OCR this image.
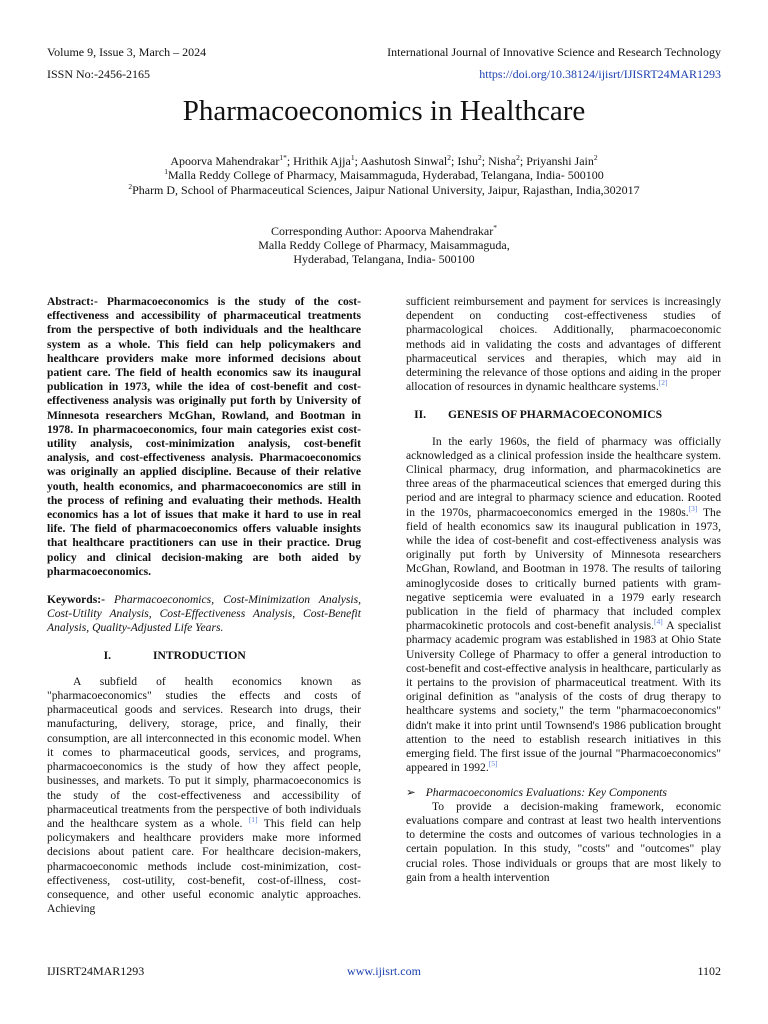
Volume 9, Issue 3, March – 2024	International Journal of Innovative Science and Research Technology
ISSN No:-2456-2165	https://doi.org/10.38124/ijisrt/IJISRT24MAR1293
Pharmacoeconomics in Healthcare
Apoorva Mahendrakar$^{1*}$; Hrithik Ajja$^1$; Aashutosh Sinwal$^2$; Ishu$^2$; Nisha$^2$; Priyanshi Jain$^2$
$^1$Malla Reddy College of Pharmacy, Maisammaguda, Hyderabad, Telangana, India- 500100
$^2$Pharm D, School of Pharmaceutical Sciences, Jaipur National University, Jaipur, Rajasthan, India,302017
Corresponding Author: Apoorva Mahendrakar*
Malla Reddy College of Pharmacy, Maisammaguda,
Hyderabad, Telangana, India- 500100

Abstract:- Pharmacoeconomics is the study of the cost-effectiveness and accessibility of pharmaceutical treatments from the perspective of both individuals and the healthcare system as a whole. This field can help policymakers and healthcare providers make more informed decisions about patient care. The field of health economics saw its inaugural publication in 1973, while the idea of cost-benefit and cost-effectiveness analysis was originally put forth by University of Minnesota researchers McGhan, Rowland, and Bootman in 1978. In pharmacoeconomics, four main categories exist cost-utility analysis, cost-minimization analysis, cost-benefit analysis, and cost-effectiveness analysis. Pharmacoeconomics was originally an applied discipline. Because of their relative youth, health economics, and pharmacoeconomics are still in the process of refining and evaluating their methods. Health economics has a lot of issues that make it hard to use in real life. The field of pharmacoeconomics offers valuable insights that healthcare practitioners can use in their practice. Drug policy and clinical decision-making are both aided by pharmacoeconomics.

Keywords:- Pharmacoeconomics, Cost-Minimization Analysis, Cost-Utility Analysis, Cost-Effectiveness Analysis, Cost-Benefit Analysis, Quality-Adjusted Life Years.

I.	INTRODUCTION

A subfield of health economics known as "pharmacoeconomics" studies the effects and costs of pharmaceutical goods and services. Research into drugs, their manufacturing, delivery, storage, price, and finally, their consumption, are all interconnected in this economic model. When it comes to pharmaceutical goods, services, and programs, pharmacoeconomics is the study of how they affect people, businesses, and markets. To put it simply, pharmacoeconomics is the study of the cost-effectiveness and accessibility of pharmaceutical treatments from the perspective of both individuals and the healthcare system as a whole. [1] This field can help policymakers and healthcare providers make more informed decisions about patient care. For healthcare decision-makers, pharmacoeconomic methods include cost-minimization, cost-effectiveness, cost-utility, cost-benefit, cost-of-illness, cost-consequence, and other useful economic analytic approaches. Achieving

sufficient reimbursement and payment for services is increasingly dependent on conducting cost-effectiveness studies of pharmacological choices. Additionally, pharmacoeconomic methods aid in validating the costs and advantages of different pharmaceutical services and therapies, which may aid in determining the relevance of those options and aiding in the proper allocation of resources in dynamic healthcare systems.[2]

II.	GENESIS OF PHARMACOECONOMICS

In the early 1960s, the field of pharmacy was officially acknowledged as a clinical profession inside the healthcare system. Clinical pharmacy, drug information, and pharmacokinetics are three areas of the pharmaceutical sciences that emerged during this period and are integral to pharmacy science and education. Rooted in the 1970s, pharmacoeconomics emerged in the 1980s.[3] The field of health economics saw its inaugural publication in 1973, while the idea of cost-benefit and cost-effectiveness analysis was originally put forth by University of Minnesota researchers McGhan, Rowland, and Bootman in 1978. The results of tailoring aminoglycoside doses to critically burned patients with gram-negative septicemia were evaluated in a 1979 early research publication in the field of pharmacy that included complex pharmacokinetic protocols and cost-benefit analysis.[4] A specialist pharmacy academic program was established in 1983 at Ohio State University College of Pharmacy to offer a general introduction to cost-benefit and cost-effective analysis in healthcare, particularly as it pertains to the provision of pharmaceutical treatment. With its original definition as "analysis of the costs of drug therapy to healthcare systems and society," the term "pharmacoeconomics" didn't make it into print until Townsend's 1986 publication brought attention to the need to establish research initiatives in this emerging field. The first issue of the journal "Pharmacoeconomics" appeared in 1992.[5]

➢ Pharmacoeconomics Evaluations: Key Components

To provide a decision-making framework, economic evaluations compare and contrast at least two health interventions to determine the costs and outcomes of various technologies in a certain population. In this study, "costs" and "outcomes" play crucial roles. Those individuals or groups that are most likely to gain from a health intervention

IJISRT24MAR1293	www.ijisrt.com	1102
